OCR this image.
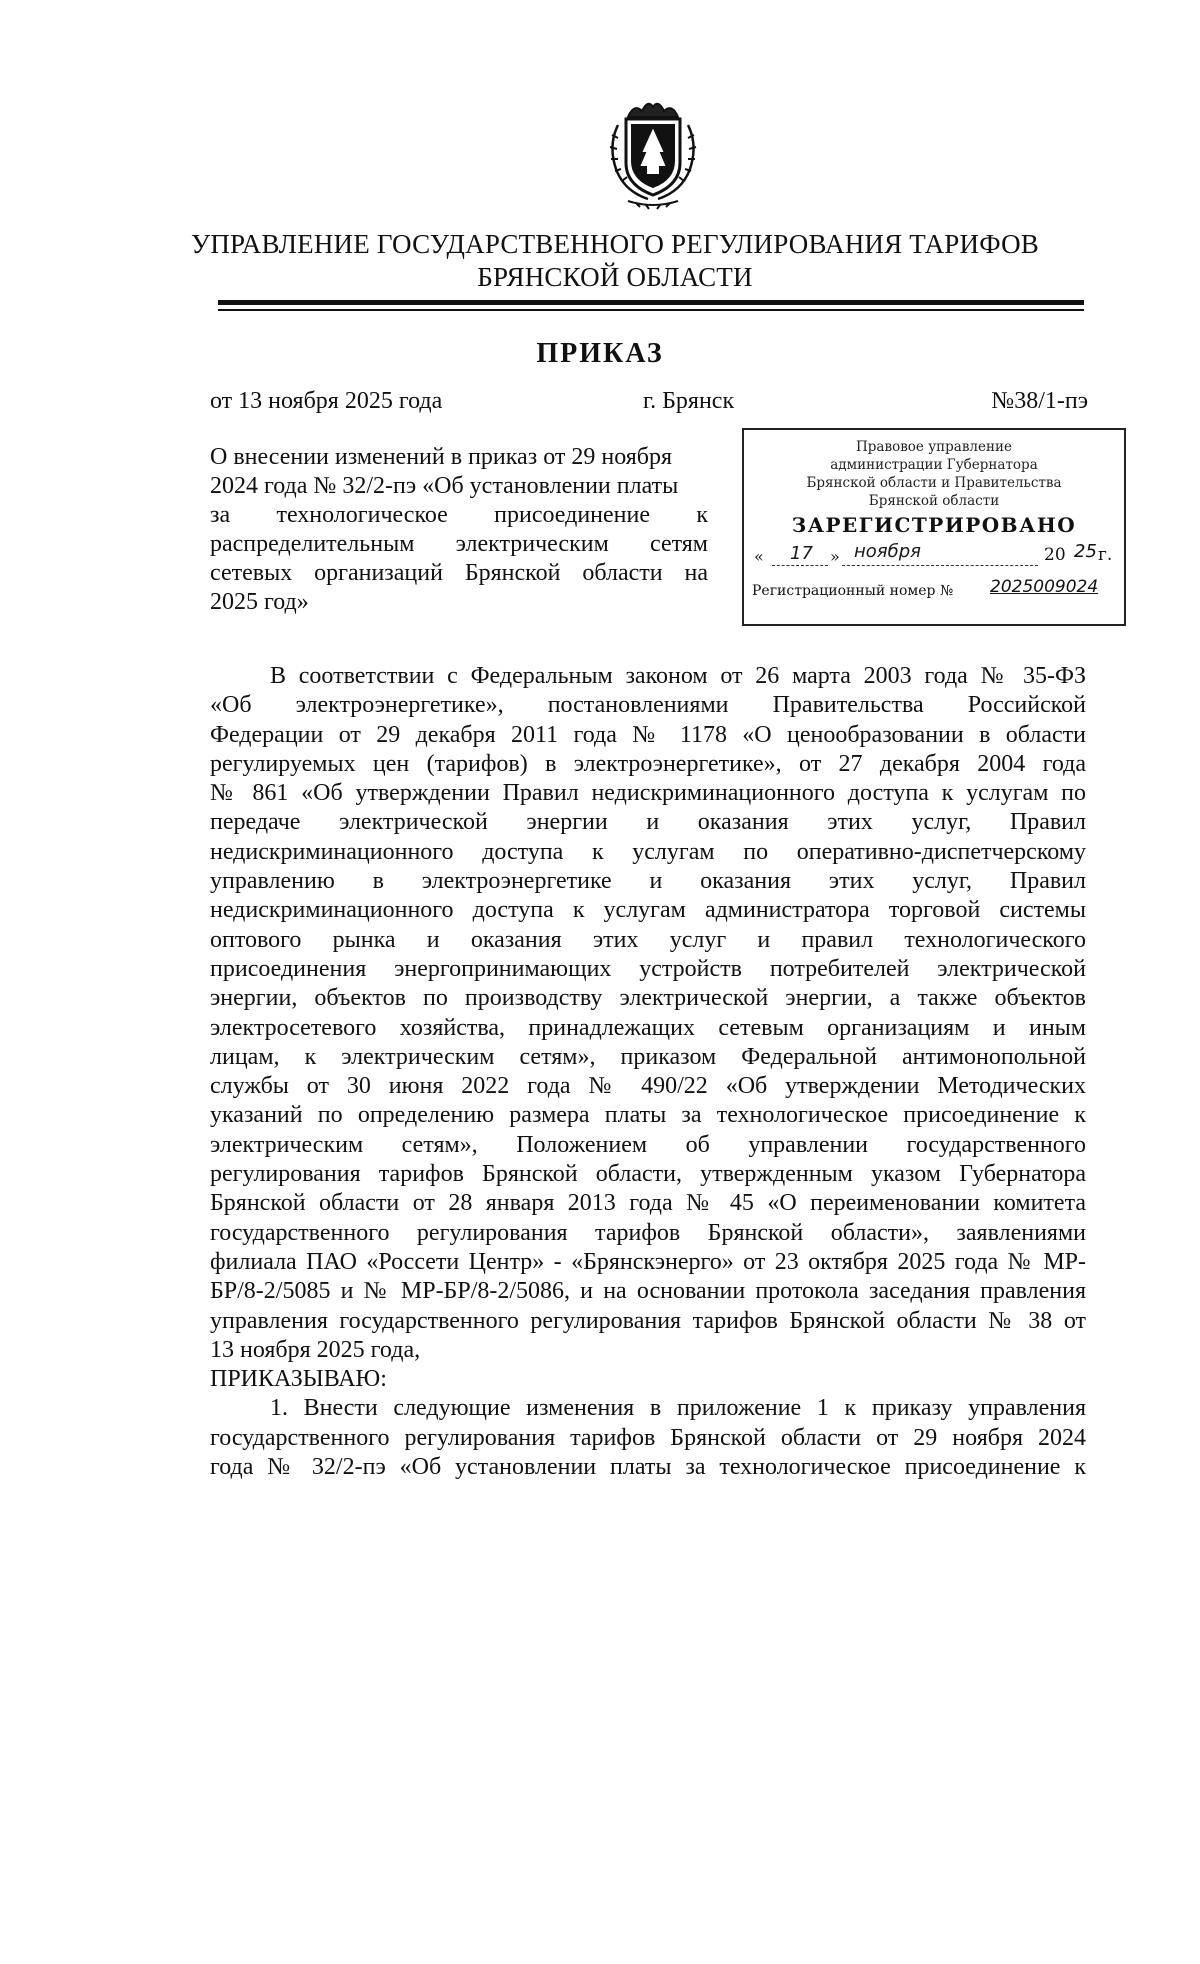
УПРАВЛЕНИЕ ГОСУДАРСТВЕННОГО РЕГУЛИРОВАНИЯ ТАРИФОВ
БРЯНСКОЙ ОБЛАСТИ
ПРИКАЗ
от 13 ноября 2025 года	г. Брянск	№38/1-пэ
О внесении изменений в приказ от 29 ноября
2024 года № 32/2-пэ «Об установлении платы
за технологическое присоединение к
распределительным электрическим сетям
сетевых организаций Брянской области на
2025 год»
Правовое управление
администрации Губернатора
Брянской области и Правительства
Брянской области
ЗАРЕГИСТРИРОВАНО
« 17 » ноября	20 25 г.
Регистрационный номер № 2025009024
В соответствии с Федеральным законом от 26 марта 2003 года № 35-ФЗ
«Об электроэнергетике», постановлениями Правительства Российской
Федерации от 29 декабря 2011 года № 1178 «О ценообразовании в области
регулируемых цен (тарифов) в электроэнергетике», от 27 декабря 2004 года
№ 861 «Об утверждении Правил недискриминационного доступа к услугам по
передаче электрической энергии и оказания этих услуг, Правил
недискриминационного доступа к услугам по оперативно-диспетчерскому
управлению в электроэнергетике и оказания этих услуг, Правил
недискриминационного доступа к услугам администратора торговой системы
оптового рынка и оказания этих услуг и правил технологического
присоединения энергопринимающих устройств потребителей электрической
энергии, объектов по производству электрической энергии, а также объектов
электросетевого хозяйства, принадлежащих сетевым организациям и иным
лицам, к электрическим сетям», приказом Федеральной антимонопольной
службы от 30 июня 2022 года № 490/22 «Об утверждении Методических
указаний по определению размера платы за технологическое присоединение к
электрическим сетям», Положением об управлении государственного
регулирования тарифов Брянской области, утвержденным указом Губернатора
Брянской области от 28 января 2013 года № 45 «О переименовании комитета
государственного регулирования тарифов Брянской области», заявлениями
филиала ПАО «Россети Центр» - «Брянскэнерго» от 23 октября 2025 года № МР-
БР/8-2/5085 и № МР-БР/8-2/5086, и на основании протокола заседания правления
управления государственного регулирования тарифов Брянской области № 38 от
13 ноября 2025 года,
ПРИКАЗЫВАЮ:
1. Внести следующие изменения в приложение 1 к приказу управления
государственного регулирования тарифов Брянской области от 29 ноября 2024
года № 32/2-пэ «Об установлении платы за технологическое присоединение к
